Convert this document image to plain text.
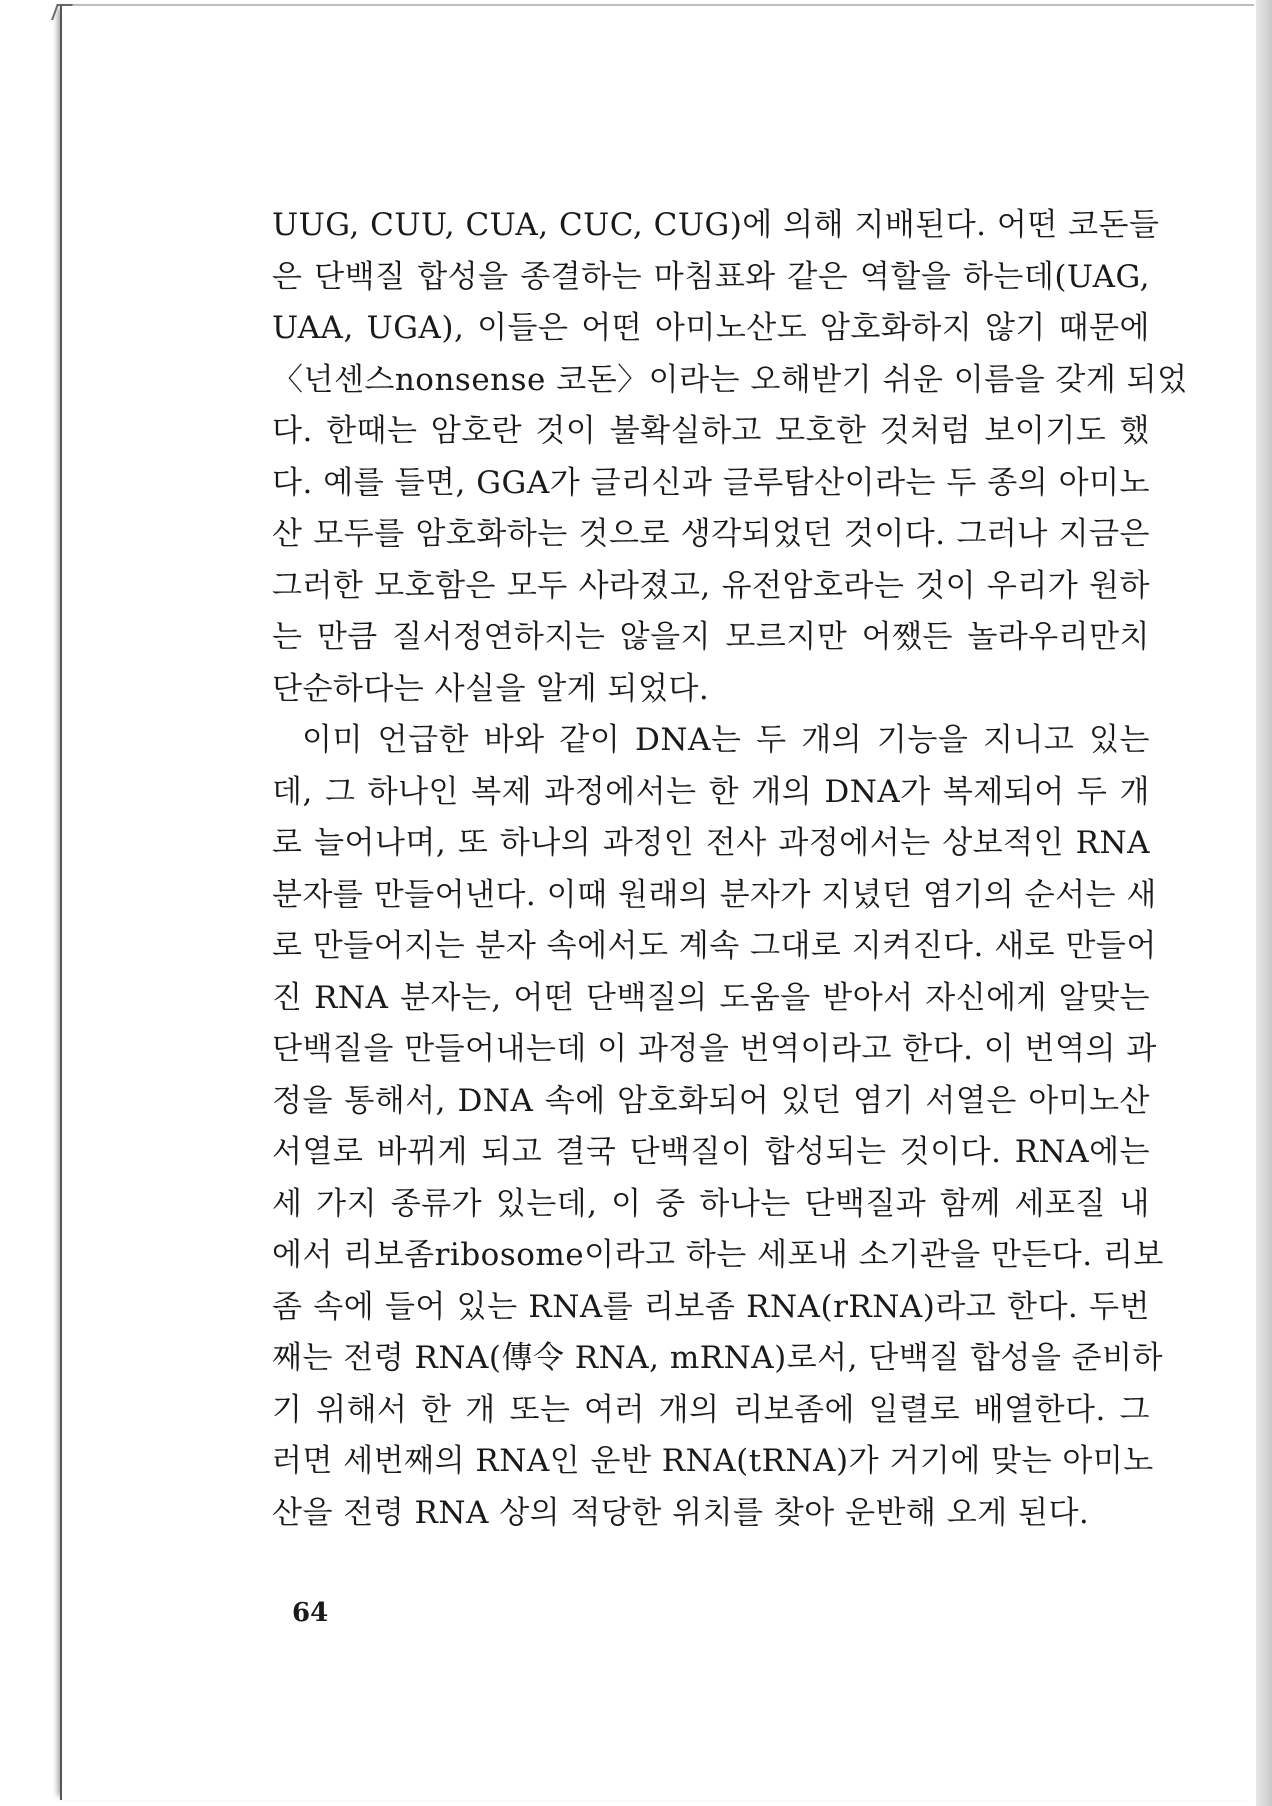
UUG, CUU, CUA, CUC, CUG)에 의해 지배된다. 어떤 코돈들
은 단백질 합성을 종결하는 마침표와 같은 역할을 하는데(UAG,
UAA, UGA), 이들은 어떤 아미노산도 암호화하지 않기 때문에
〈넌센스nonsense 코돈〉이라는 오해받기 쉬운 이름을 갖게 되었
다. 한때는 암호란 것이 불확실하고 모호한 것처럼 보이기도 했
다. 예를 들면, GGA가 글리신과 글루탐산이라는 두 종의 아미노
산 모두를 암호화하는 것으로 생각되었던 것이다. 그러나 지금은
그러한 모호함은 모두 사라졌고, 유전암호라는 것이 우리가 원하
는 만큼 질서정연하지는 않을지 모르지만 어쨌든 놀라우리만치
단순하다는 사실을 알게 되었다.
이미 언급한 바와 같이 DNA는 두 개의 기능을 지니고 있는
데, 그 하나인 복제 과정에서는 한 개의 DNA가 복제되어 두 개
로 늘어나며, 또 하나의 과정인 전사 과정에서는 상보적인 RNA
분자를 만들어낸다. 이때 원래의 분자가 지녔던 염기의 순서는 새
로 만들어지는 분자 속에서도 계속 그대로 지켜진다. 새로 만들어
진 RNA 분자는, 어떤 단백질의 도움을 받아서 자신에게 알맞는
단백질을 만들어내는데 이 과정을 번역이라고 한다. 이 번역의 과
정을 통해서, DNA 속에 암호화되어 있던 염기 서열은 아미노산
서열로 바뀌게 되고 결국 단백질이 합성되는 것이다. RNA에는
세 가지 종류가 있는데, 이 중 하나는 단백질과 함께 세포질 내
에서 리보좀ribosome이라고 하는 세포내 소기관을 만든다. 리보
좀 속에 들어 있는 RNA를 리보좀 RNA(rRNA)라고 한다. 두번
째는 전령 RNA(傳令 RNA, mRNA)로서, 단백질 합성을 준비하
기 위해서 한 개 또는 여러 개의 리보좀에 일렬로 배열한다. 그
러면 세번째의 RNA인 운반 RNA(tRNA)가 거기에 맞는 아미노
산을 전령 RNA 상의 적당한 위치를 찾아 운반해 오게 된다.
64
